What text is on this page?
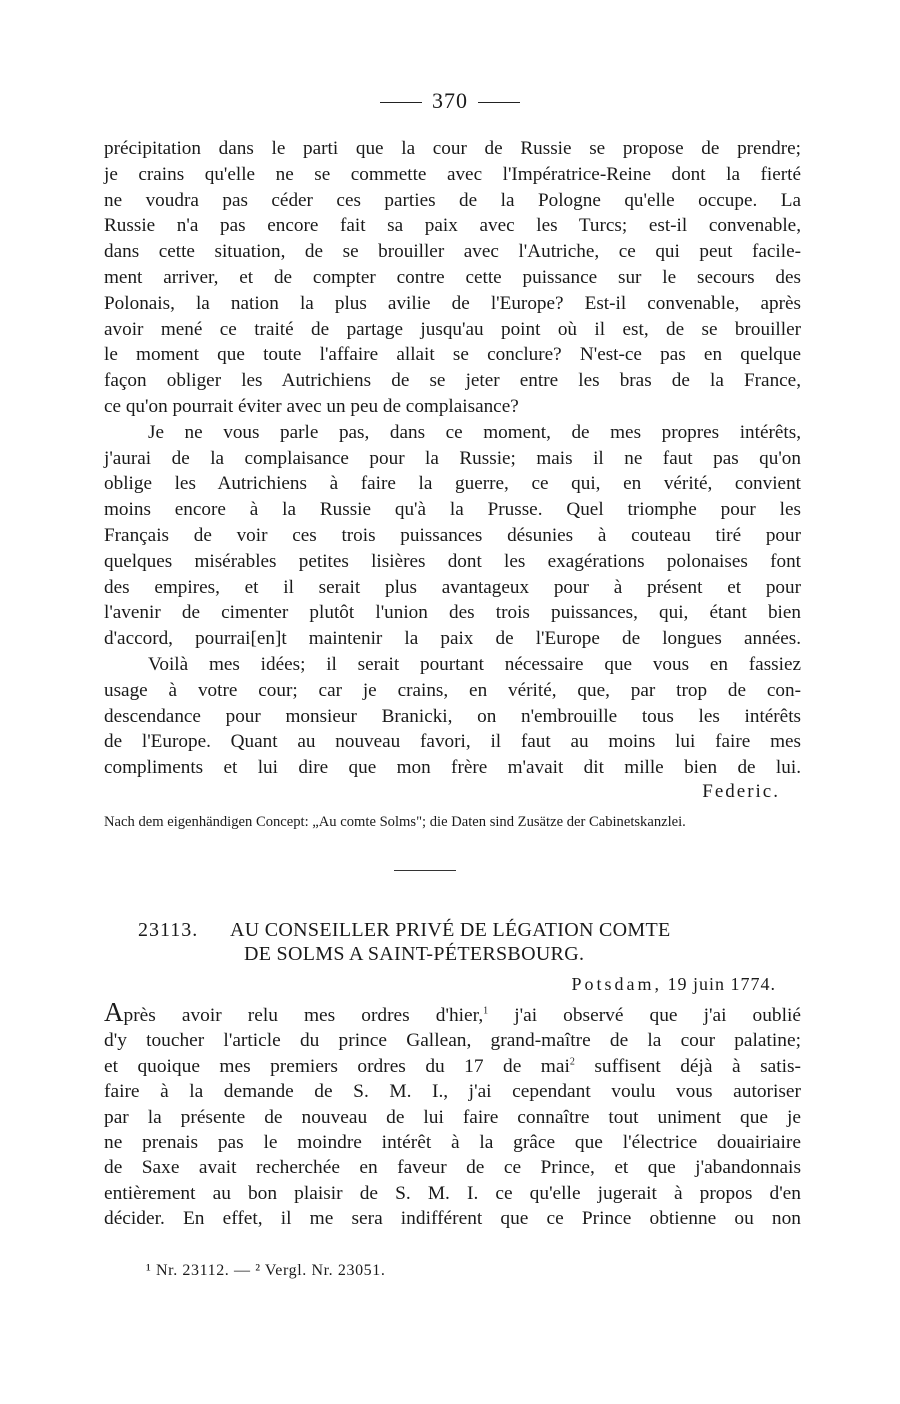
370
précipitation dans le parti que la cour de Russie se propose de prendre;
je crains qu'elle ne se commette avec l'Impératrice-Reine dont la fierté
ne voudra pas céder ces parties de la Pologne qu'elle occupe. La
Russie n'a pas encore fait sa paix avec les Turcs; est-il convenable,
dans cette situation, de se brouiller avec l'Autriche, ce qui peut facile-
ment arriver, et de compter contre cette puissance sur le secours des
Polonais, la nation la plus avilie de l'Europe? Est-il convenable, après
avoir mené ce traité de partage jusqu'au point où il est, de se brouiller
le moment que toute l'affaire allait se conclure? N'est-ce pas en quelque
façon obliger les Autrichiens de se jeter entre les bras de la France,
ce qu'on pourrait éviter avec un peu de complaisance?
Je ne vous parle pas, dans ce moment, de mes propres intérêts,
j'aurai de la complaisance pour la Russie; mais il ne faut pas qu'on
oblige les Autrichiens à faire la guerre, ce qui, en vérité, convient
moins encore à la Russie qu'à la Prusse. Quel triomphe pour les
Français de voir ces trois puissances désunies à couteau tiré pour
quelques misérables petites lisières dont les exagérations polonaises font
des empires, et il serait plus avantageux pour à présent et pour
l'avenir de cimenter plutôt l'union des trois puissances, qui, étant bien
d'accord, pourrai[en]t maintenir la paix de l'Europe de longues années.
Voilà mes idées; il serait pourtant nécessaire que vous en fassiez
usage à votre cour; car je crains, en vérité, que, par trop de con-
descendance pour monsieur Branicki, on n'embrouille tous les intérêts
de l'Europe. Quant au nouveau favori, il faut au moins lui faire mes
compliments et lui dire que mon frère m'avait dit mille bien de lui.
Federic.
Nach dem eigenhändigen Concept: „Au comte Solms"; die Daten sind Zusätze der Cabinetskanzlei.
23113. AU CONSEILLER PRIVÉ DE LÉGATION COMTE
DE SOLMS A SAINT-PÉTERSBOURG.
Potsdam, 19 juin 1774.
Après avoir relu mes ordres d'hier,$^1$ j'ai observé que j'ai oublié
d'y toucher l'article du prince Gallean, grand-maître de la cour palatine;
et quoique mes premiers ordres du 17 de mai$^2$ suffisent déjà à satis-
faire à la demande de S. M. I., j'ai cependant voulu vous autoriser
par la présente de nouveau de lui faire connaître tout uniment que je
ne prenais pas le moindre intérêt à la grâce que l'électrice douairiaire
de Saxe avait recherchée en faveur de ce Prince, et que j'abandonnais
entièrement au bon plaisir de S. M. I. ce qu'elle jugerait à propos d'en
décider. En effet, il me sera indifférent que ce Prince obtienne ou non
¹ Nr. 23112. — ² Vergl. Nr. 23051.
